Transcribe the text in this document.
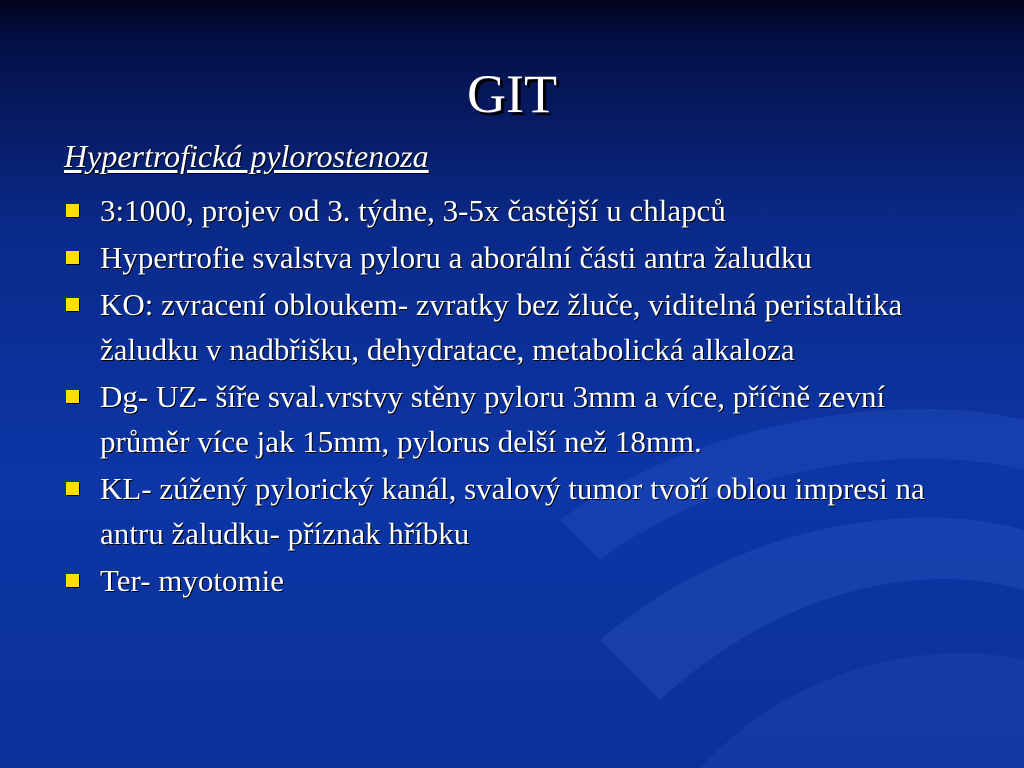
GIT
Hypertrofická pylorostenoza
3:1000, projev od 3. týdne, 3-5x častější u chlapců
Hypertrofie svalstva pyloru a aborální části antra žaludku
KO: zvracení obloukem- zvratky bez žluče, viditelná peristaltika žaludku v nadbřišku, dehydratace, metabolická alkaloza
Dg- UZ- šíře sval.vrstvy stěny pyloru 3mm a více, příčně zevní průměr více jak 15mm, pylorus delší než 18mm.
KL- zúžený pylorický kanál, svalový tumor tvoří oblou impresi na antru žaludku- příznak hříbku
Ter- myotomie
